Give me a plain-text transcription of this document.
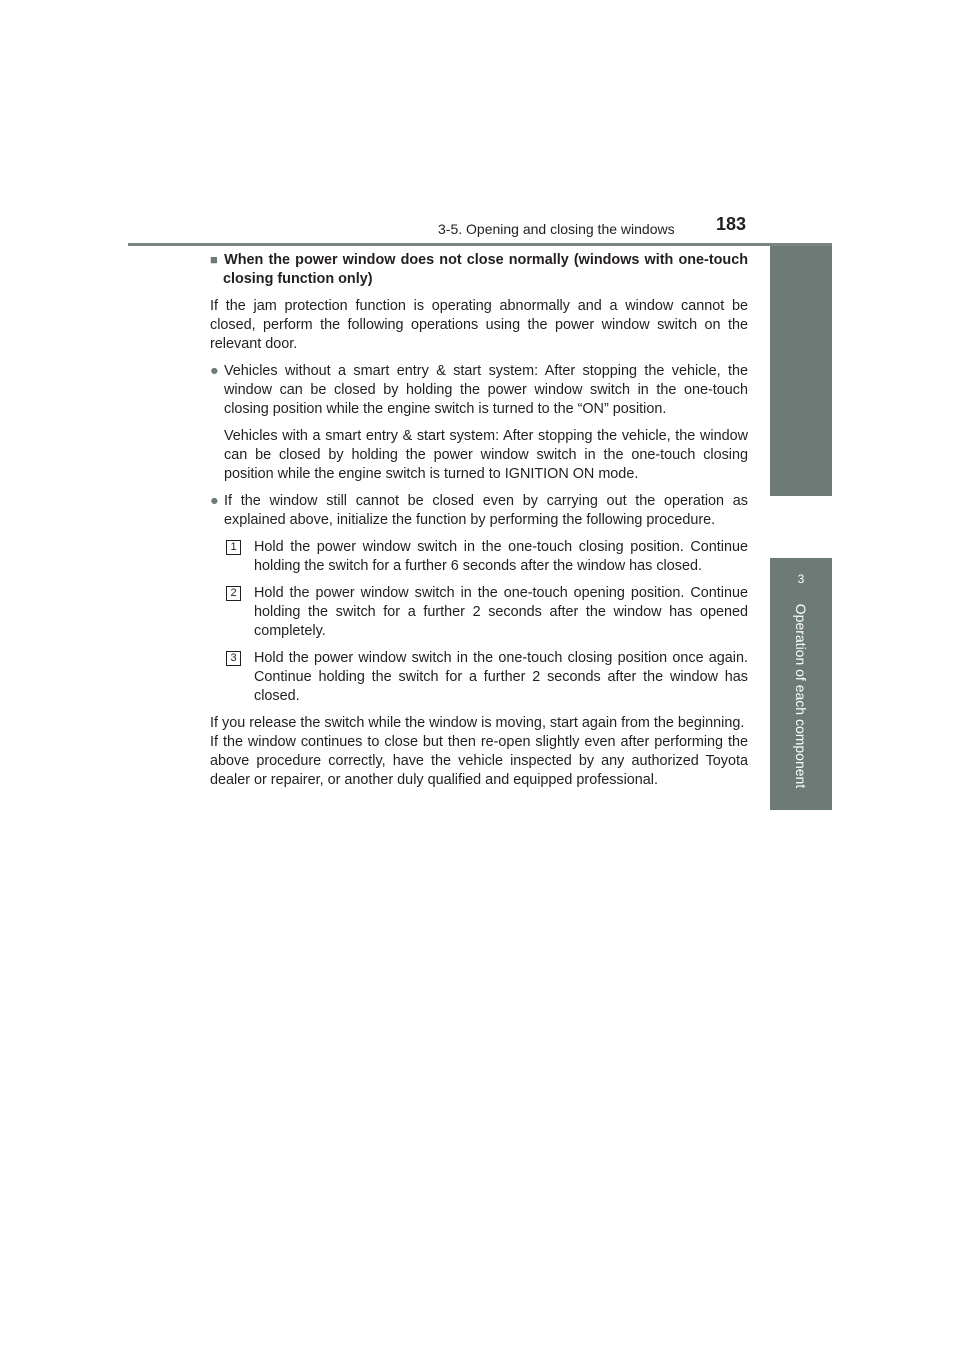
3-5. Opening and closing the windows 183
3
Operation of each component

■ When the power window does not close normally (windows with one-touch closing function only)

If the jam protection function is operating abnormally and a window cannot be closed, perform the following operations using the power window switch on the relevant door.

● Vehicles without a smart entry & start system: After stopping the vehicle, the window can be closed by holding the power window switch in the one-touch closing position while the engine switch is turned to the “ON” position.

Vehicles with a smart entry & start system: After stopping the vehicle, the window can be closed by holding the power window switch in the one-touch closing position while the engine switch is turned to IGNITION ON mode.

● If the window still cannot be closed even by carrying out the operation as explained above, initialize the function by performing the following procedure.

1	Hold the power window switch in the one-touch closing position. Continue holding the switch for a further 6 seconds after the window has closed.

2	Hold the power window switch in the one-touch opening position. Continue holding the switch for a further 2 seconds after the window has opened completely.

3	Hold the power window switch in the one-touch closing position once again. Continue holding the switch for a further 2 seconds after the window has closed.

If you release the switch while the window is moving, start again from the beginning.

If the window continues to close but then re-open slightly even after performing the above procedure correctly, have the vehicle inspected by any authorized Toyota dealer or repairer, or another duly qualified and equipped professional.
